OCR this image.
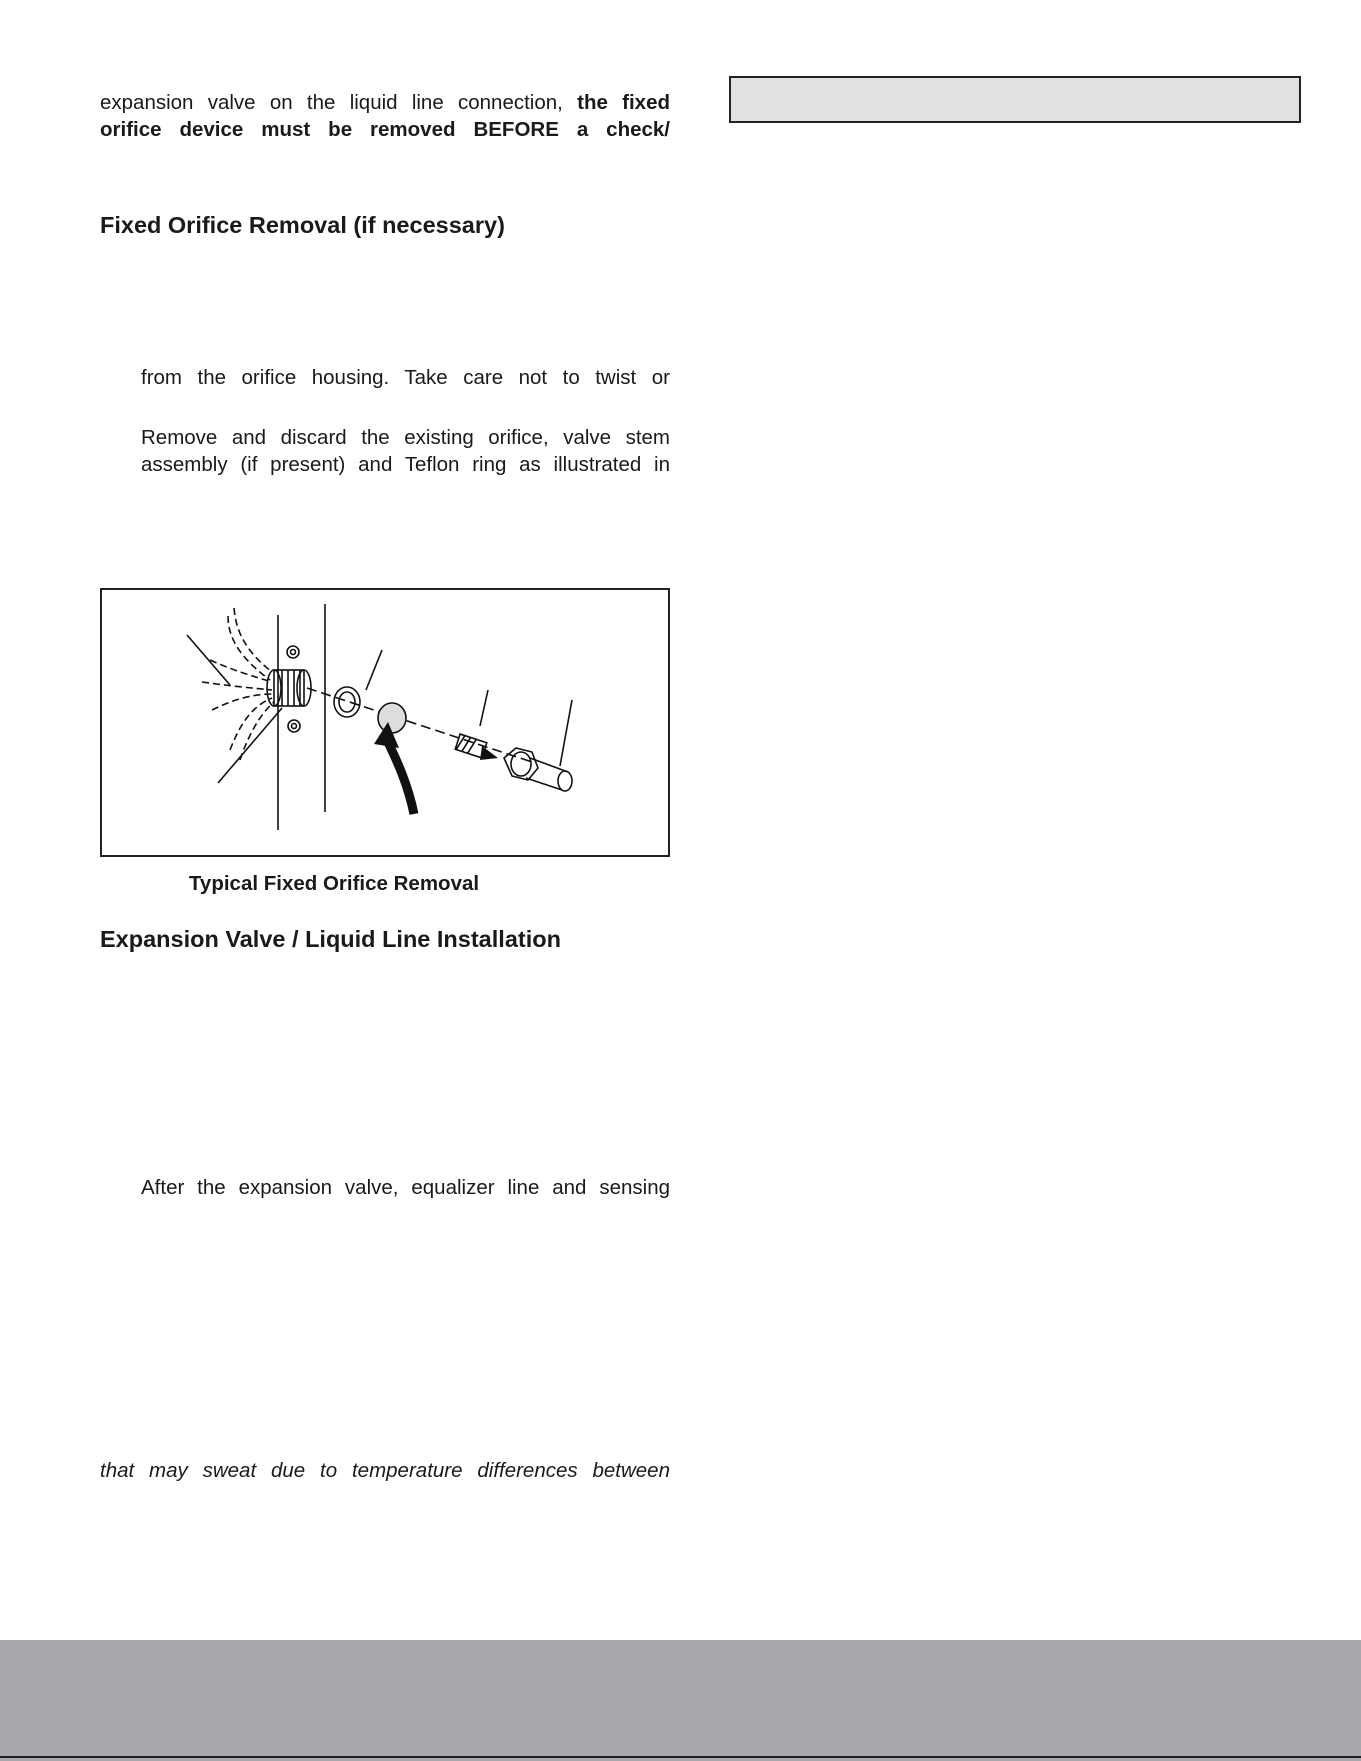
expansion valve on the liquid line connection, the fixed

orifice device must be removed BEFORE a check/

Fixed Orifice Removal (if necessary)

from the orifice housing. Take care not to twist or

Remove and discard the existing orifice, valve stem

assembly (if present) and Teflon ring as illustrated in

Expansion Valve / Liquid Line Installation

After the expansion valve, equalizer line and sensing

that may sweat due to temperature differences between

Typical Fixed Orifice Removal
